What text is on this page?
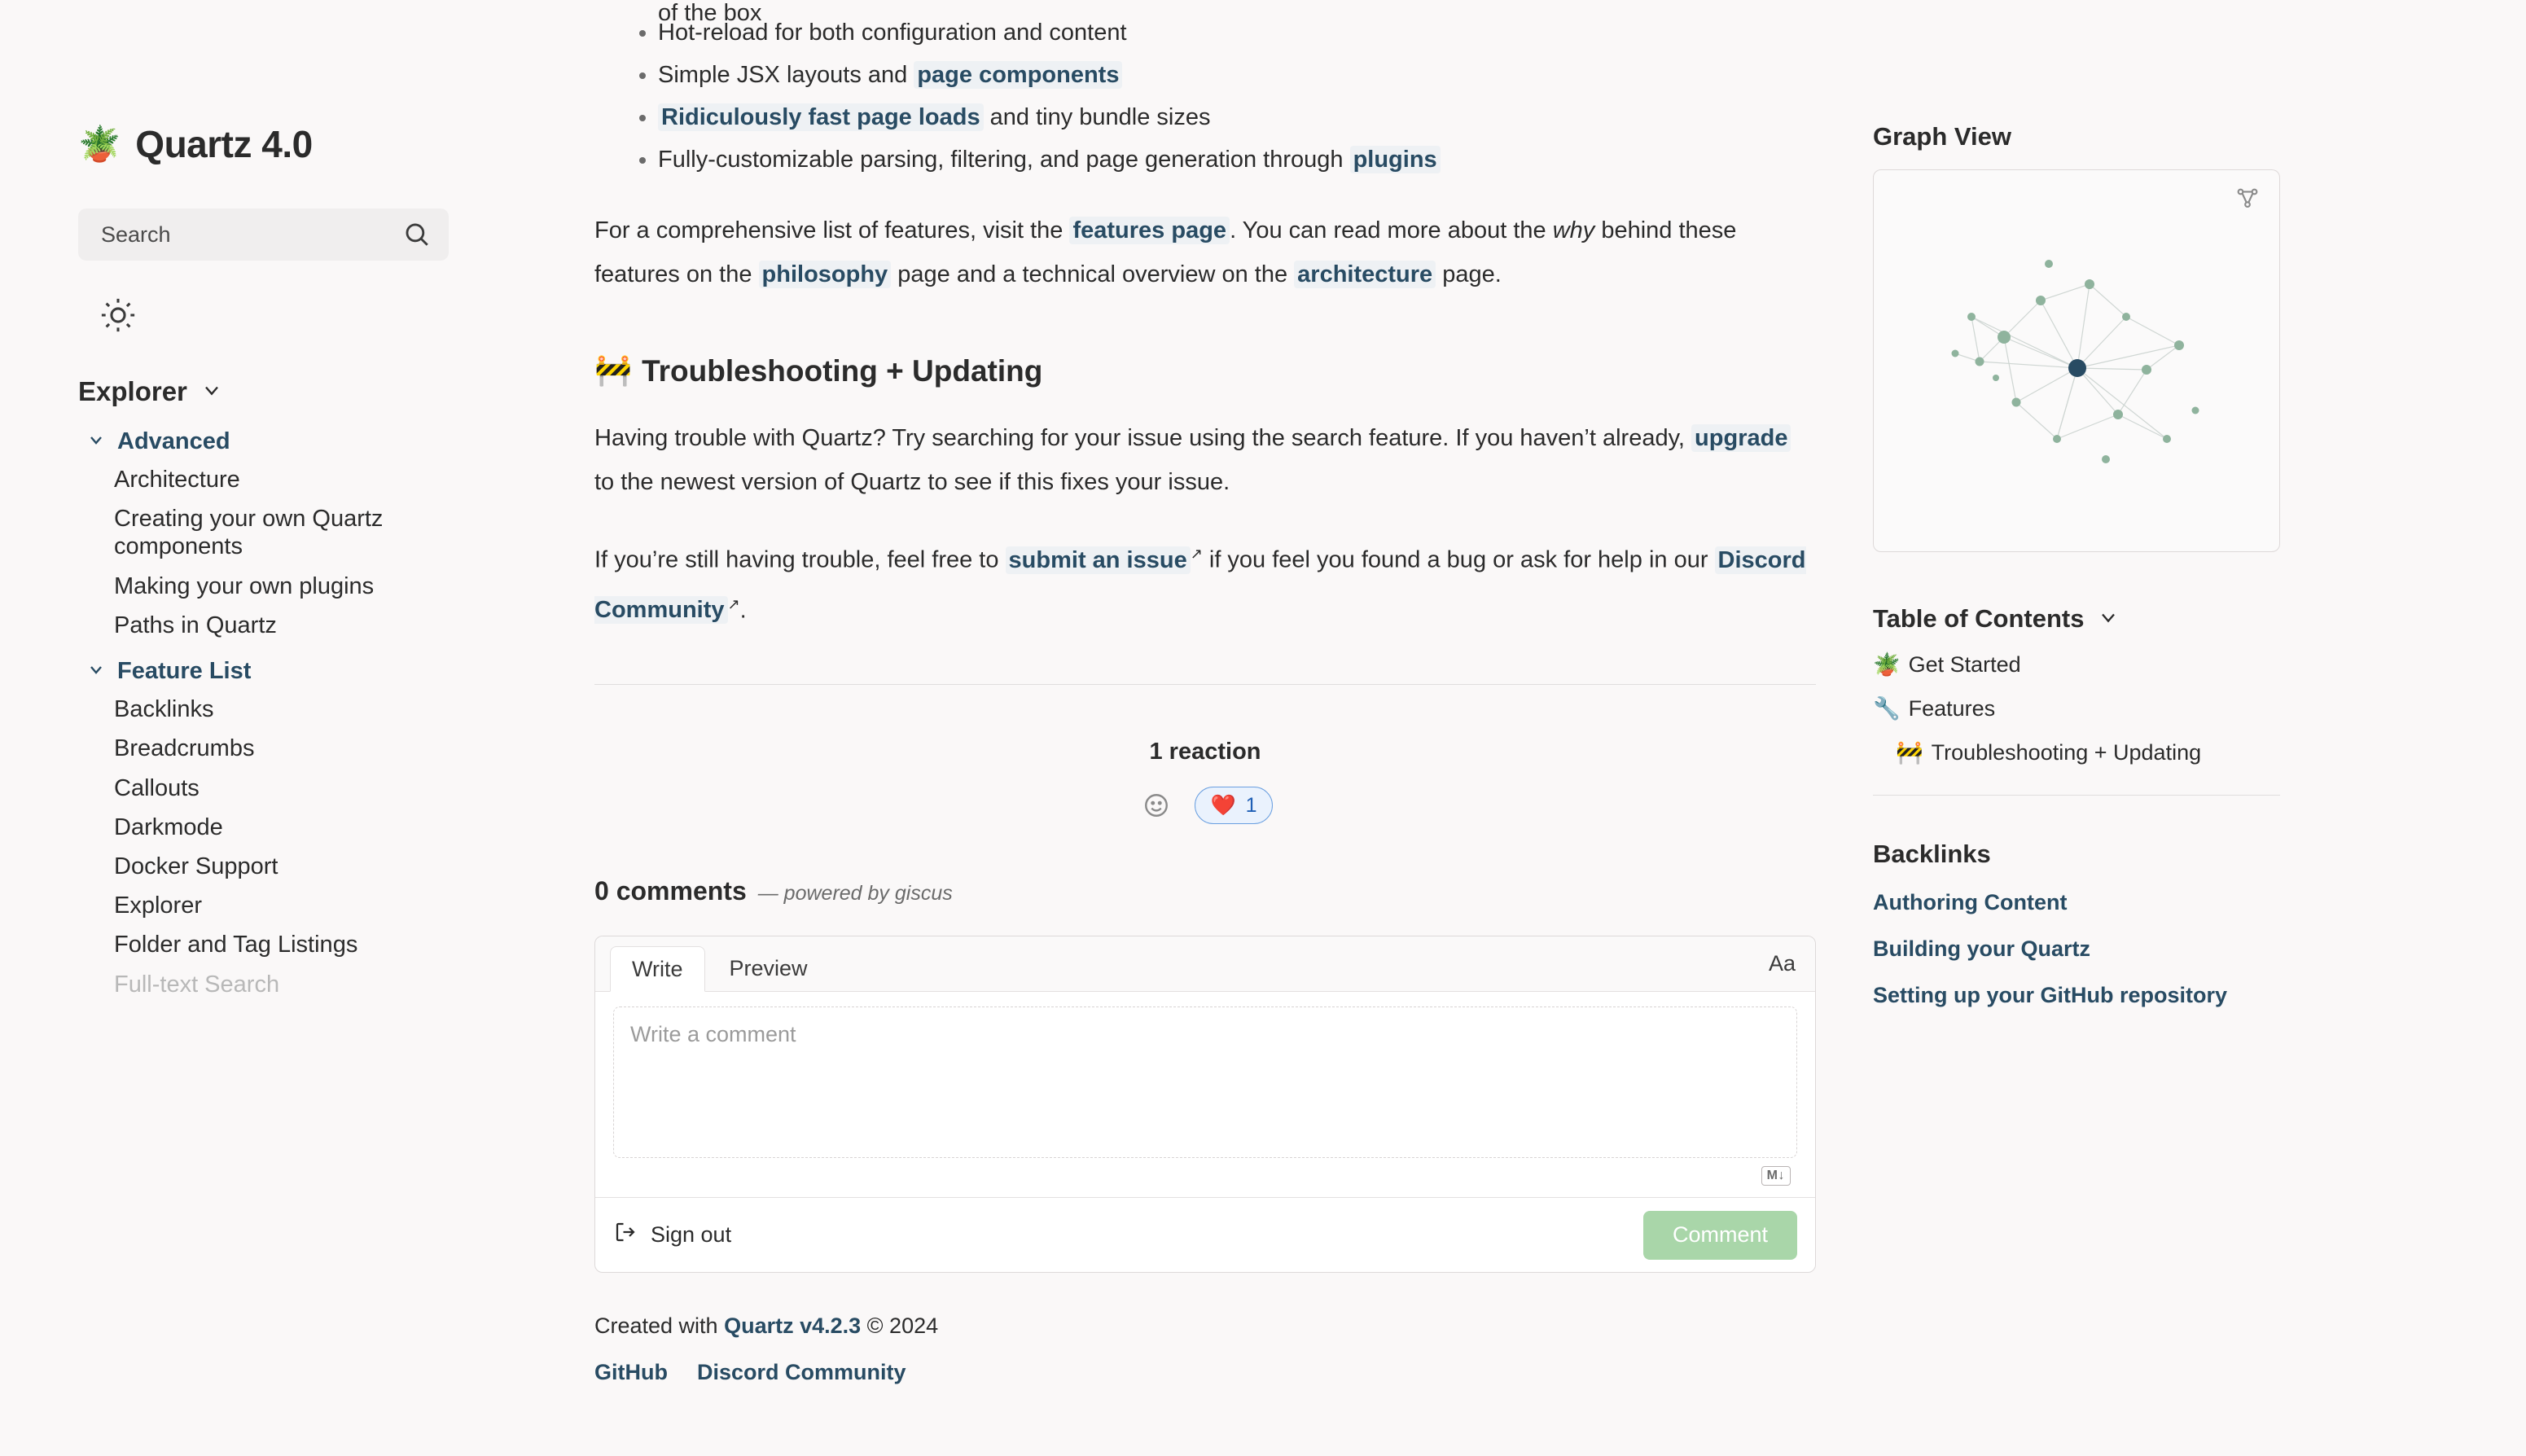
🪴 Quartz 4.0
Search
Explorer
Advanced
Architecture
Creating your own Quartz components
Making your own plugins
Paths in Quartz
Feature List
Backlinks
Breadcrumbs
Callouts
Darkmode
Docker Support
Explorer
Folder and Tag Listings
Full-text Search
of the box
• Hot-reload for both configuration and content
• Simple JSX layouts and page components
• Ridiculously fast page loads and tiny bundle sizes
• Fully-customizable parsing, filtering, and page generation through plugins

For a comprehensive list of features, visit the features page . You can read more about the why behind these features on the philosophy page and a technical overview on the architecture page.

🚧 Troubleshooting + Updating

Having trouble with Quartz? Try searching for your issue using the search feature. If you haven’t already, upgrade to the newest version of Quartz to see if this fixes your issue.

If you’re still having trouble, feel free to submit an issue ↗ if you feel you found a bug or ask for help in our Discord Community ↗.

1 reaction
❤️ 1
0 comments — powered by giscus
Write	Preview	Aa
Write a comment
M↓
Sign out	Comment
Created with Quartz v4.2.3 © 2024
GitHub Discord Community
Graph View
Table of Contents
🪴 Get Started
🔧 Features
🚧 Troubleshooting + Updating
Backlinks
Authoring Content
Building your Quartz
Setting up your GitHub repository
